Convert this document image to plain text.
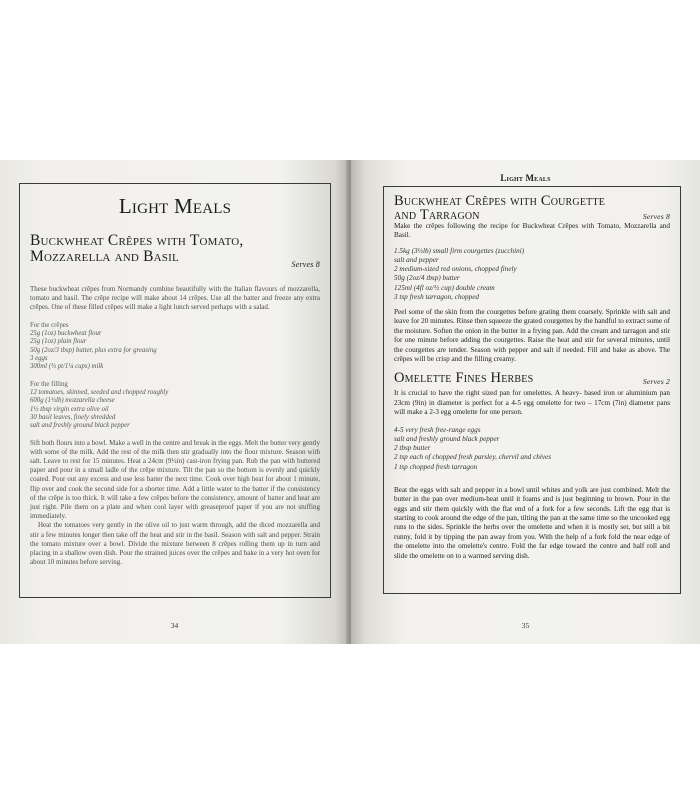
Light Meals
Buckwheat Crêpes with Tomato,
Mozzarella and Basil	Serves 8

These buckwheat crêpes from Normandy combine beautifully with the Italian flavours of mozzarella, tomato and basil. The crêpe recipe will make about 14 crêpes. Use all the batter and freeze any extra crêpes. One of these filled crêpes will make a light lunch served perhaps with a salad.

For the crêpes
25g (1oz) buckwheat flour
25g (1oz) plain flour
50g (2oz/3 tbsp) butter, plus extra for greasing
3 eggs
300ml (½ pt/1¼ cups) milk
For the filling
12 tomatoes, skinned, seeded and chopped roughly
600g (1½lb) mozzarella cheese
1½ tbsp virgin extra olive oil
30 basil leaves, finely shredded
salt and freshly ground black pepper

Sift both flours into a bowl. Make a well in the centre and break in the eggs. Melt the butter very gently with some of the milk. Add the rest of the milk then stir gradually into the flour mixture. Season with salt. Leave to rest for 15 minutes. Heat a 24cm (9½in) cast-iron frying pan. Rub the pan with buttered paper and pour in a small ladle of the crêpe mixture. Tilt the pan so the bottom is evenly and quickly coated. Pour out any excess and use less batter the next time. Cook over high heat for about 1 minute, flip over and cook the second side for a shorter time. Add a little water to the batter if the consistency of the crêpe is too thick. It will take a few crêpes before the consistency, amount of batter and heat are just right. Pile them on a plate and when cool layer with greaseproof paper if you are not stuffing immediately.

Heat the tomatoes very gently in the olive oil to just warm through, add the diced mozzarella and stir a few minutes longer then take off the heat and stir in the basil. Season with salt and pepper. Strain the tomato mixture over a bowl. Divide the mixture between 8 crêpes rolling them up in turn and placing in a shallow oven dish. Pour the strained juices over the crêpes and bake in a very hot oven for about 10 minutes before serving.

34
Light Meals
Buckwheat Crêpes with Courgette
and Tarragon	Serves 8

Make the crêpes following the recipe for Buckwheat Crêpes with Tomato, Mozzarella and Basil.

1.5kg (3½lb) small firm courgettes (zucchini)
salt and pepper
2 medium-sized red onions, chopped finely
50g (2oz/4 tbsp) butter
125ml (4fl oz/½ cup) double cream
3 tsp fresh tarragon, chopped

Peel some of the skin from the courgettes before grating them coarsely. Sprinkle with salt and leave for 20 minutes. Rinse then squeeze the grated courgettes by the handful to extract some of the moisture. Soften the onion in the butter in a frying pan. Add the cream and tarragon and stir for one minute before adding the courgettes. Raise the heat and stir for several minutes, until the courgettes are tender. Season with pepper and salt if needed. Fill and bake as above. The crêpes will be crisp and the filling creamy.

Omelette Fines Herbes	Serves 2

It is crucial to have the right sized pan for omelettes. A heavy- based iron or aluminium pan 23cm (9in) in diameter is perfect for a 4-5 egg omelette for two – 17cm (7in) diameter pans will make a 2-3 egg omelette for one person.

4-5 very fresh free-range eggs
salt and freshly ground black pepper
2 tbsp butter
2 tsp each of chopped fresh parsley, chervil and chives
1 tsp chopped fresh tarragon

Beat the eggs with salt and pepper in a bowl until whites and yolk are just combined. Melt the butter in the pan over medium-heat until it foams and is just beginning to brown. Pour in the eggs and stir them quickly with the flat end of a fork for a few seconds. Lift the egg that is starting to cook around the edge of the pan, tilting the pan at the same time so the uncooked egg runs to the sides. Sprinkle the herbs over the omelette and when it is mostly set, but still a bit runny, fold it by tipping the pan away from you. With the help of a fork fold the near edge of the omelette into the omelette's centre. Fold the far edge toward the centre and half roll and slide the omelette on to a warmed serving dish.

35
